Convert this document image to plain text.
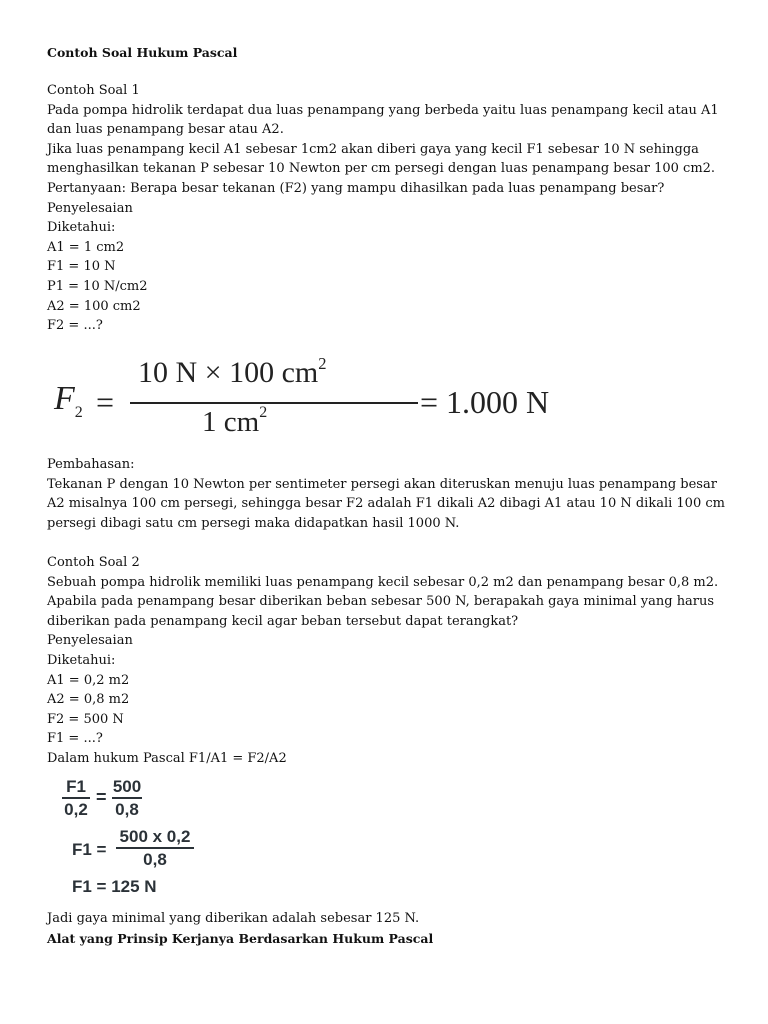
Contoh Soal Hukum Pascal
Contoh Soal 1
Pada pompa hidrolik terdapat dua luas penampang yang berbeda yaitu luas penampang kecil atau A1
dan luas penampang besar atau A2.
Jika luas penampang kecil A1 sebesar 1cm2 akan diberi gaya yang kecil F1 sebesar 10 N sehingga
menghasilkan tekanan P sebesar 10 Newton per cm persegi dengan luas penampang besar 100 cm2.
Pertanyaan: Berapa besar tekanan (F2) yang mampu dihasilkan pada luas penampang besar?
Penyelesaian
Diketahui:
A1 = 1 cm2
F1 = 10 N
P1 = 10 N/cm2
A2 = 100 cm2
F2 = ...?
$F_2$ =
10 N × 100 $cm^2$
1 $cm^2$	= 1.000 N
Pembahasan:
Tekanan P dengan 10 Newton per sentimeter persegi akan diteruskan menuju luas penampang besar
A2 misalnya 100 cm persegi, sehingga besar F2 adalah F1 dikali A2 dibagi A1 atau 10 N dikali 100 cm
persegi dibagi satu cm persegi maka didapatkan hasil 1000 N.
Contoh Soal 2
Sebuah pompa hidrolik memiliki luas penampang kecil sebesar 0,2 m2 dan penampang besar 0,8 m2.
Apabila pada penampang besar diberikan beban sebesar 500 N, berapakah gaya minimal yang harus
diberikan pada penampang kecil agar beban tersebut dapat terangkat?
Penyelesaian
Diketahui:
A1 = 0,2 m2
A2 = 0,8 m2
F2 = 500 N
F1 = ...?
Dalam hukum Pascal F1/A1 = F2/A2
$\frac{F1}{0,2} = \frac{500}{0,8}$
$F1 = \frac{500 x 0,2}{0,8}$
F1 = 125 N
Jadi gaya minimal yang diberikan adalah sebesar 125 N.
Alat yang Prinsip Kerjanya Berdasarkan Hukum Pascal
